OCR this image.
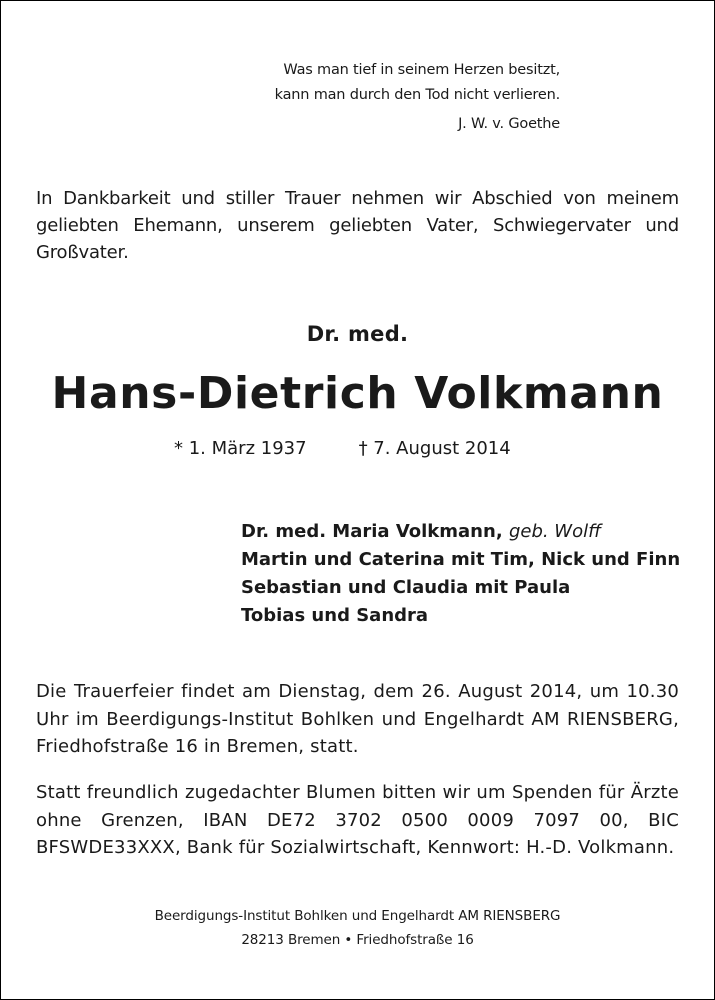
Was man tief in seinem Herzen besitzt,
kann man durch den Tod nicht verlieren.
J. W. v. Goethe
In Dankbarkeit und stiller Trauer nehmen wir Abschied von meinem geliebten Ehemann, unserem geliebten Vater, Schwiegervater und Großvater.
Dr. med.
Hans-Dietrich Volkmann
* 1. März 1937	† 7. August 2014
Dr. med. Maria Volkmann, geb. Wolff
Martin und Caterina mit Tim, Nick und Finn
Sebastian und Claudia mit Paula
Tobias und Sandra
Die Trauerfeier findet am Dienstag, dem 26. August 2014, um 10.30 Uhr im Beerdigungs-Institut Bohlken und Engelhardt AM RIENSBERG, Friedhofstraße 16 in Bremen, statt.
Statt freundlich zugedachter Blumen bitten wir um Spenden für Ärzte ohne Grenzen, IBAN DE72 3702 0500 0009 7097 00, BIC BFSWDE33XXX, Bank für Sozialwirtschaft, Kennwort: H.-D. Volkmann.
Beerdigungs-Institut Bohlken und Engelhardt AM RIENSBERG
28213 Bremen • Friedhofstraße 16
